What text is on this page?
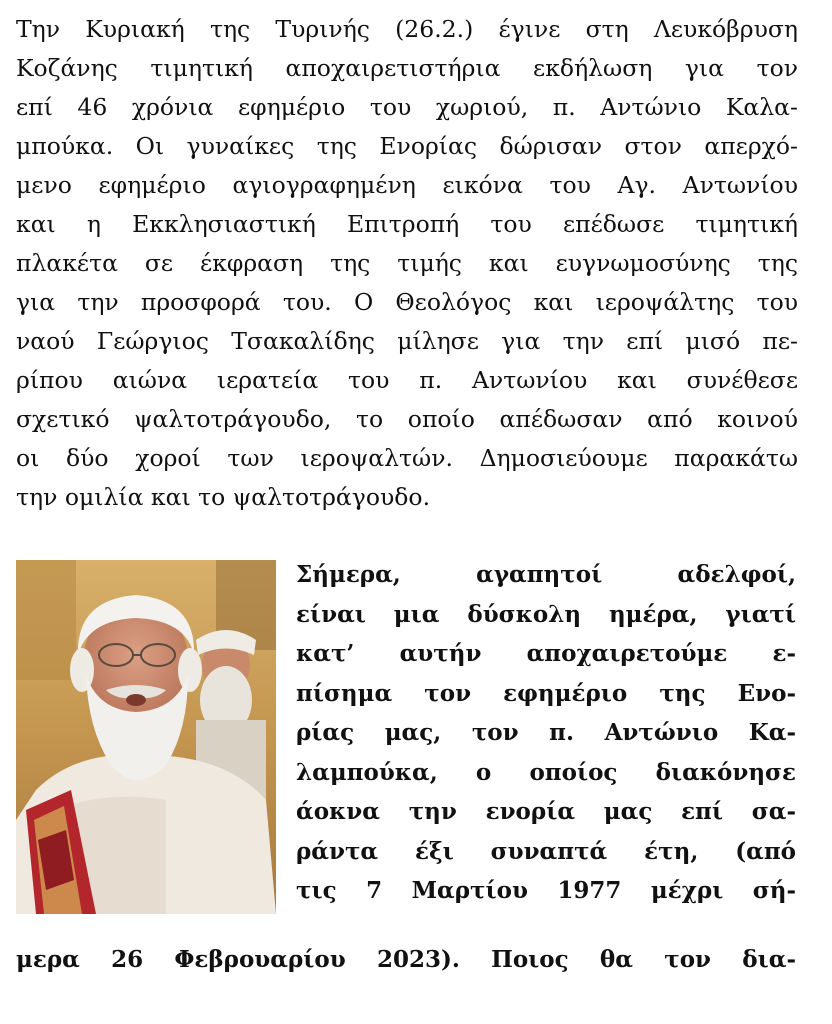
Την Κυριακή της Τυρινής (26.2.) έγινε στη Λευκόβρυση
Κοζάνης τιμητική αποχαιρετιστήρια εκδήλωση για τον
επί 46 χρόνια εφημέριο του χωριού, π. Αντώνιο Καλα-
μπούκα. Οι γυναίκες της Ενορίας δώρισαν στον απερχό-
μενο εφημέριο αγιογραφημένη εικόνα του Αγ. Αντωνίου
και η Εκκλησιαστική Επιτροπή του επέδωσε τιμητική
πλακέτα σε έκφραση της τιμής και ευγνωμοσύνης της
για την προσφορά του. Ο Θεολόγος και ιεροψάλτης του
ναού Γεώργιος Τσακαλίδης μίλησε για την επί μισό πε-
ρίπου αιώνα ιερατεία του π. Αντωνίου και συνέθεσε
σχετικό ψαλτοτράγουδο, το οποίο απέδωσαν από κοινού
οι δύο χοροί των ιεροψαλτών. Δημοσιεύουμε παρακάτω
την ομιλία και το ψαλτοτράγουδο.
Σήμερα, αγαπητοί αδελφοί,
είναι μια δύσκολη ημέρα, γιατί
κατ’ αυτήν αποχαιρετούμε ε-
πίσημα τον εφημέριο της Ενο-
ρίας μας, τον π. Αντώνιο Κα-
λαμπούκα, ο οποίος διακόνησε
άοκνα την ενορία μας επί σα-
ράντα έξι συναπτά έτη, (από
τις 7 Μαρτίου 1977 μέχρι σή-
μερα 26 Φεβρουαρίου 2023). Ποιος θα τον δια-
